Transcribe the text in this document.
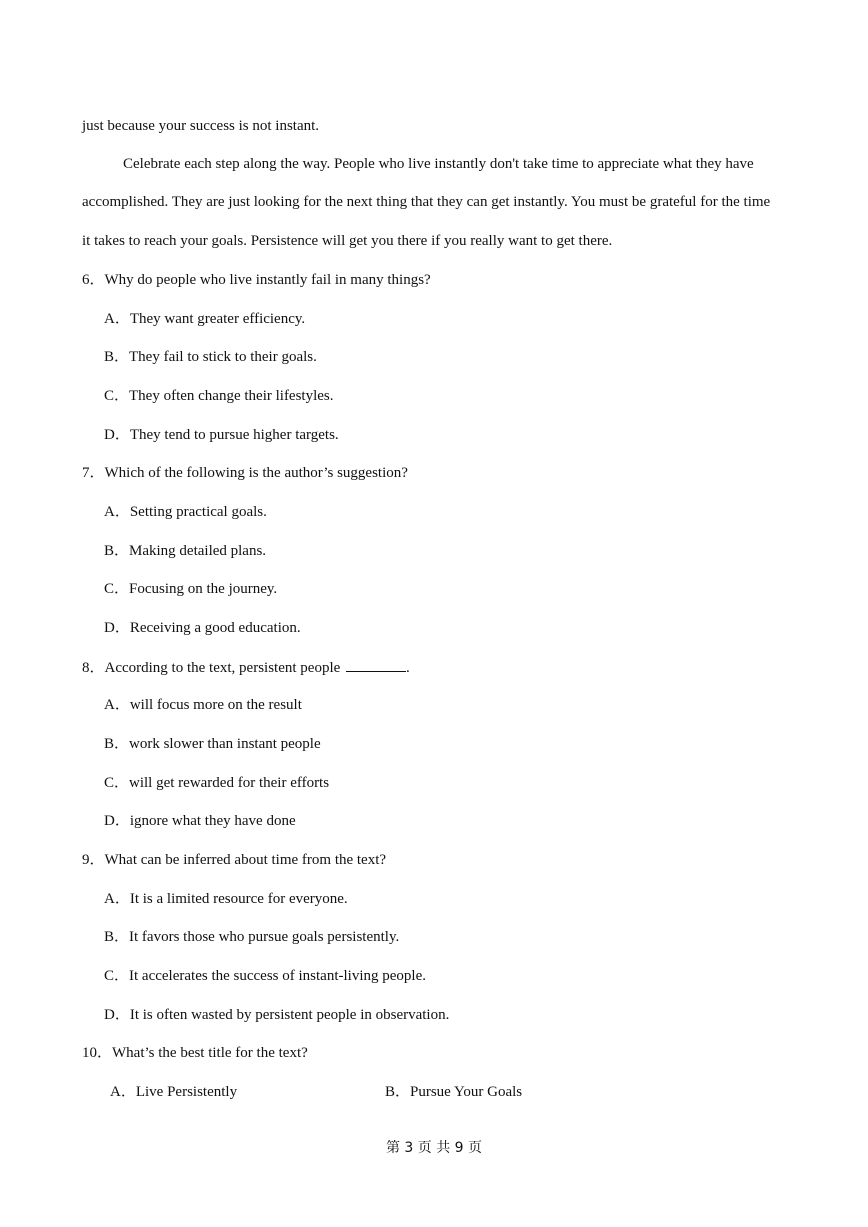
just because your success is not instant.
Celebrate each step along the way. People who live instantly don't take time to appreciate what they have
accomplished. They are just looking for the next thing that they can get instantly. You must be grateful for the time
it takes to reach your goals. Persistence will get you there if you really want to get there.
6．Why do people who live instantly fail in many things?
A．They want greater efficiency.
B．They fail to stick to their goals.
C．They often change their lifestyles.
D．They tend to pursue higher targets.
7．Which of the following is the author’s suggestion?
A．Setting practical goals.
B．Making detailed plans.
C．Focusing on the journey.
D．Receiving a good education.
8．According to the text, persistent people	.
A．will focus more on the result
B．work slower than instant people
C．will get rewarded for their efforts
D．ignore what they have done
9．What can be inferred about time from the text?
A．It is a limited resource for everyone.
B．It favors those who pursue goals persistently.
C．It accelerates the success of instant-living people.
D．It is often wasted by persistent people in observation.
10．What’s the best title for the text?
A．Live Persistently	B．Pursue Your Goals
第 3 页 共 9 页
